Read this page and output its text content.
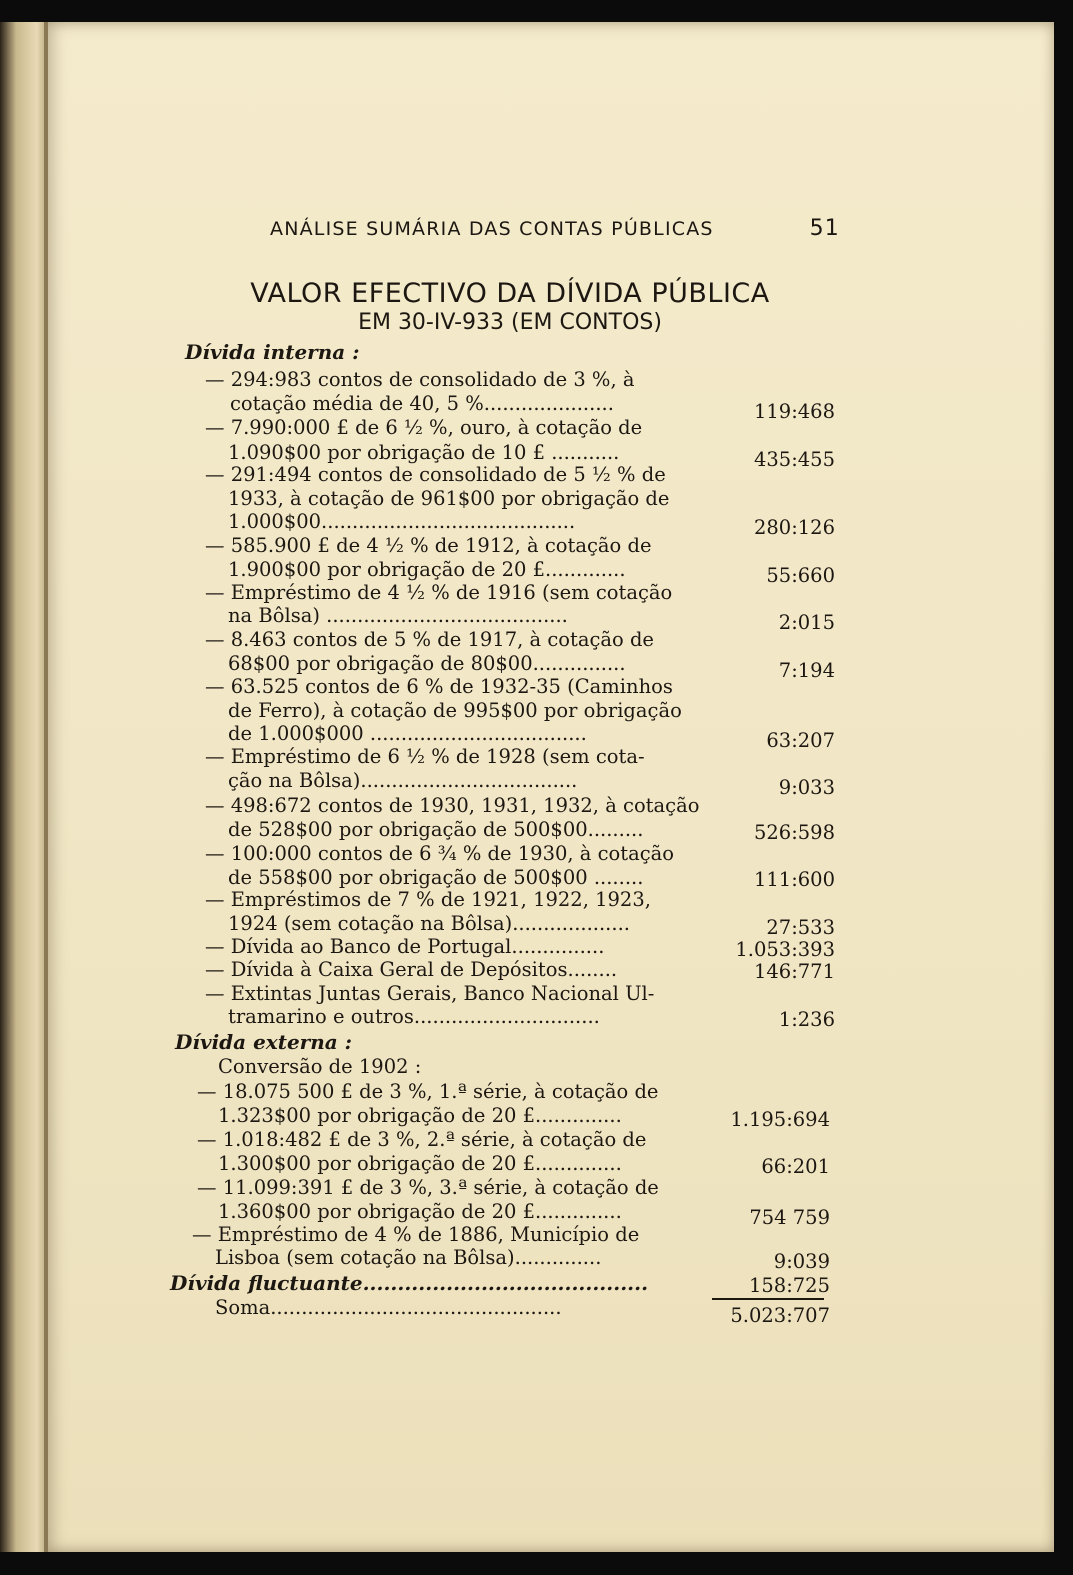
ANÁLISE SUMÁRIA DAS CONTAS PÚBLICAS	51
VALOR EFECTIVO DA DÍVIDA PÚBLICA
EM 30-IV-933 (EM CONTOS)
Dívida interna :
— 294:983 contos de consolidado de 3 %, à
cotação média de 40, 5 %.....................	119:468
— 7.990:000 £ de 6 ½ %, ouro, à cotação de
1.090$00 por obrigação de 10 £ ...........	435:455
— 291:494 contos de consolidado de 5 ½ % de
1933, à cotação de 961$00 por obrigação de
1.000$00.........................................	280:126
— 585.900 £ de 4 ½ % de 1912, à cotação de
1.900$00 por obrigação de 20 £.............	55:660
— Empréstimo de 4 ½ % de 1916 (sem cotação
na Bôlsa) .......................................	2:015
— 8.463 contos de 5 % de 1917, à cotação de
68$00 por obrigação de 80$00...............	7:194
— 63.525 contos de 6 % de 1932-35 (Caminhos
de Ferro), à cotação de 995$00 por obrigação
de 1.000$000 ...................................	63:207
— Empréstimo de 6 ½ % de 1928 (sem cota-
ção na Bôlsa)...................................	9:033
— 498:672 contos de 1930, 1931, 1932, à cotação
de 528$00 por obrigação de 500$00.........	526:598
— 100:000 contos de 6 ¾ % de 1930, à cotação
de 558$00 por obrigação de 500$00 ........	111:600
— Empréstimos de 7 % de 1921, 1922, 1923,
1924 (sem cotação na Bôlsa)...................	27:533
— Dívida ao Banco de Portugal...............	1.053:393
— Dívida à Caixa Geral de Depósitos........	146:771
— Extintas Juntas Gerais, Banco Nacional Ul-
tramarino e outros..............................	1:236
Dívida externa :
Conversão de 1902 :
— 18.075 500 £ de 3 %, 1.ª série, à cotação de
1.323$00 por obrigação de 20 £..............	1.195:694
— 1.018:482 £ de 3 %, 2.ª série, à cotação de
1.300$00 por obrigação de 20 £..............	66:201
— 11.099:391 £ de 3 %, 3.ª série, à cotação de
1.360$00 por obrigação de 20 £..............	754 759
— Empréstimo de 4 % de 1886, Município de
Lisboa (sem cotação na Bôlsa)..............	9:039
Dívida fluctuante.........................................	158:725
Soma...............................................	5.023:707
